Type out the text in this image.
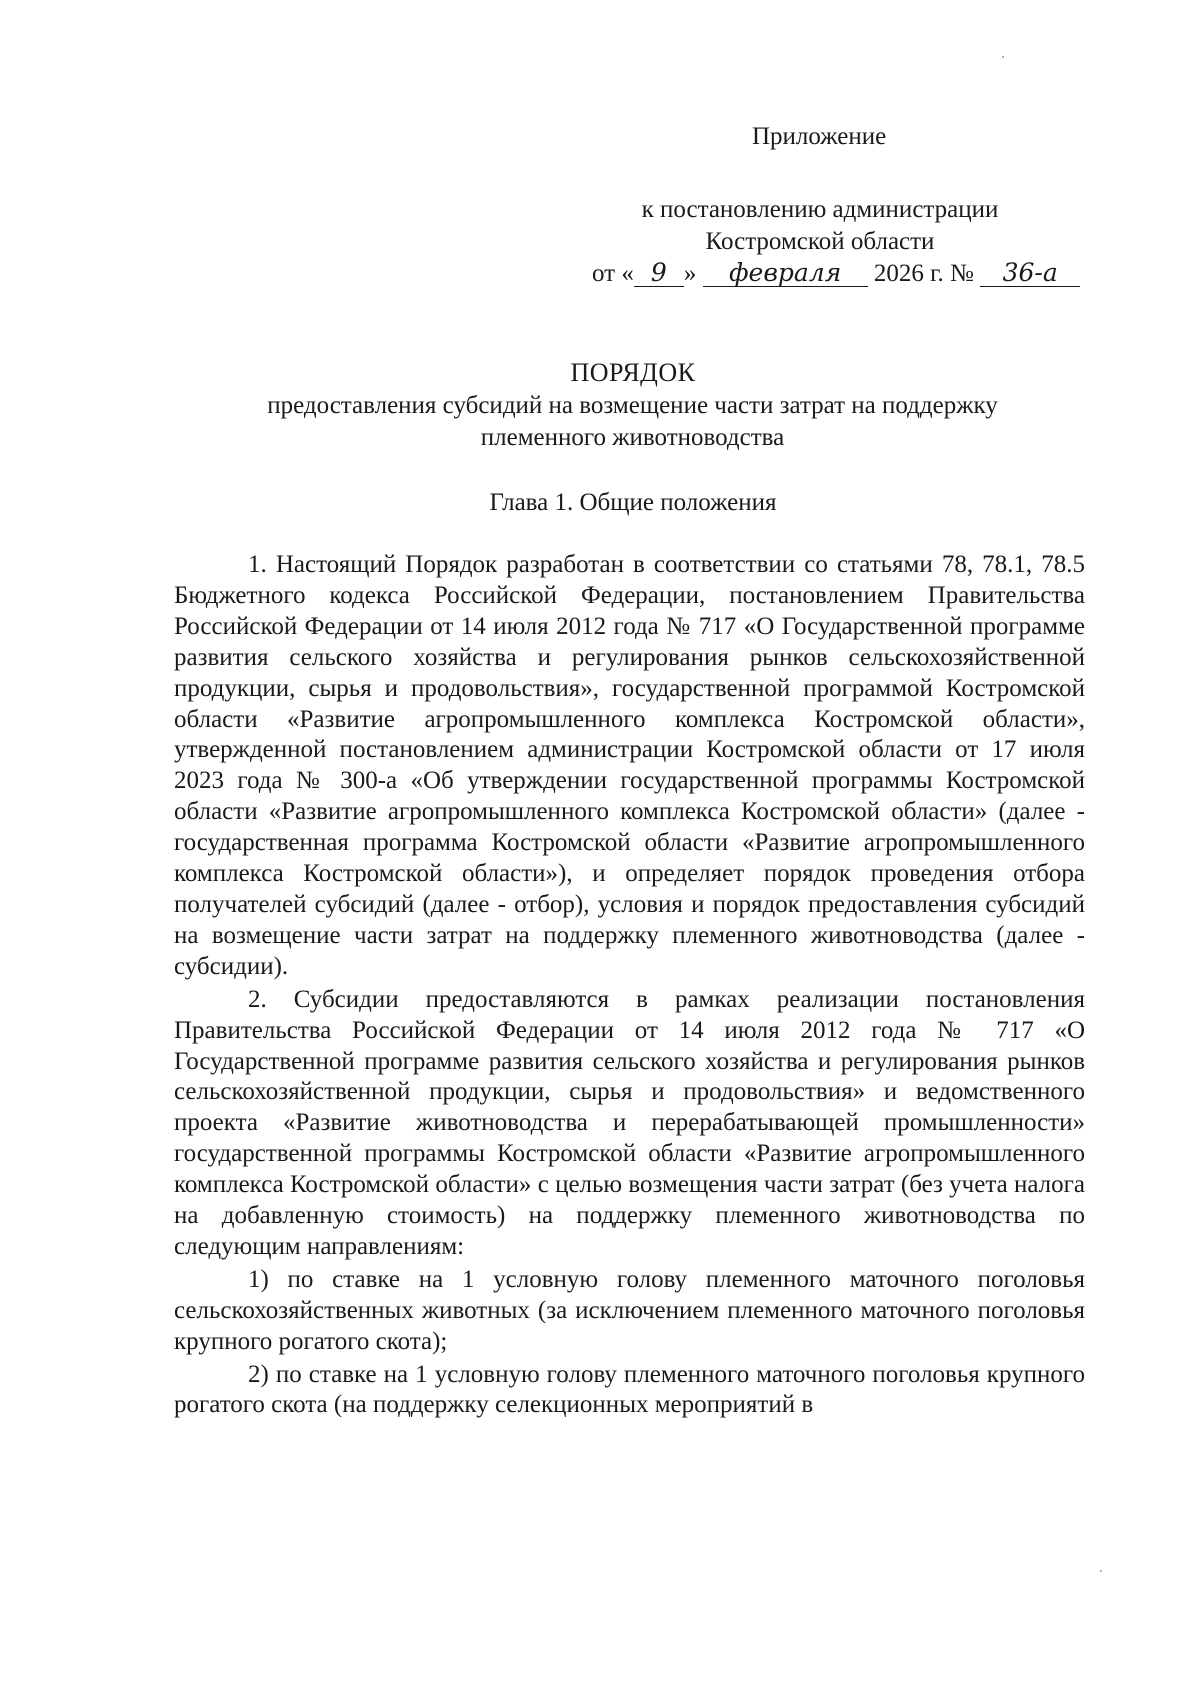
Приложение
к постановлению администрации
Костромской области
от « 9 » февраля 2026 г. № 36-а
ПОРЯДОК
предоставления субсидий на возмещение части затрат на поддержку
племенного животноводства
Глава 1. Общие положения

1. Настоящий Порядок разработан в соответствии со статьями 78, 78.1, 78.5 Бюджетного кодекса Российской Федерации, постановлением Правительства Российской Федерации от 14 июля 2012 года № 717 «О Государственной программе развития сельского хозяйства и регулирования рынков сельскохозяйственной продукции, сырья и продовольствия», государственной программой Костромской области «Развитие агропромышленного комплекса Костромской области», утвержденной постановлением администрации Костромской области от 17 июля 2023 года № 300-а «Об утверждении государственной программы Костромской области «Развитие агропромышленного комплекса Костромской области» (далее - государственная программа Костромской области «Развитие агропромышленного комплекса Костромской области»), и определяет порядок проведения отбора получателей субсидий (далее - отбор), условия и порядок предоставления субсидий на возмещение части затрат на поддержку племенного животноводства (далее - субсидии).

2. Субсидии предоставляются в рамках реализации постановления Правительства Российской Федерации от 14 июля 2012 года № 717 «О Государственной программе развития сельского хозяйства и регулирования рынков сельскохозяйственной продукции, сырья и продовольствия» и ведомственного проекта «Развитие животноводства и перерабатывающей промышленности» государственной программы Костромской области «Развитие агропромышленного комплекса Костромской области» с целью возмещения части затрат (без учета налога на добавленную стоимость) на поддержку племенного животноводства по следующим направлениям:

1) по ставке на 1 условную голову племенного маточного поголовья сельскохозяйственных животных (за исключением племенного маточного поголовья крупного рогатого скота);

2) по ставке на 1 условную голову племенного маточного поголовья крупного рогатого скота (на поддержку селекционных мероприятий в
